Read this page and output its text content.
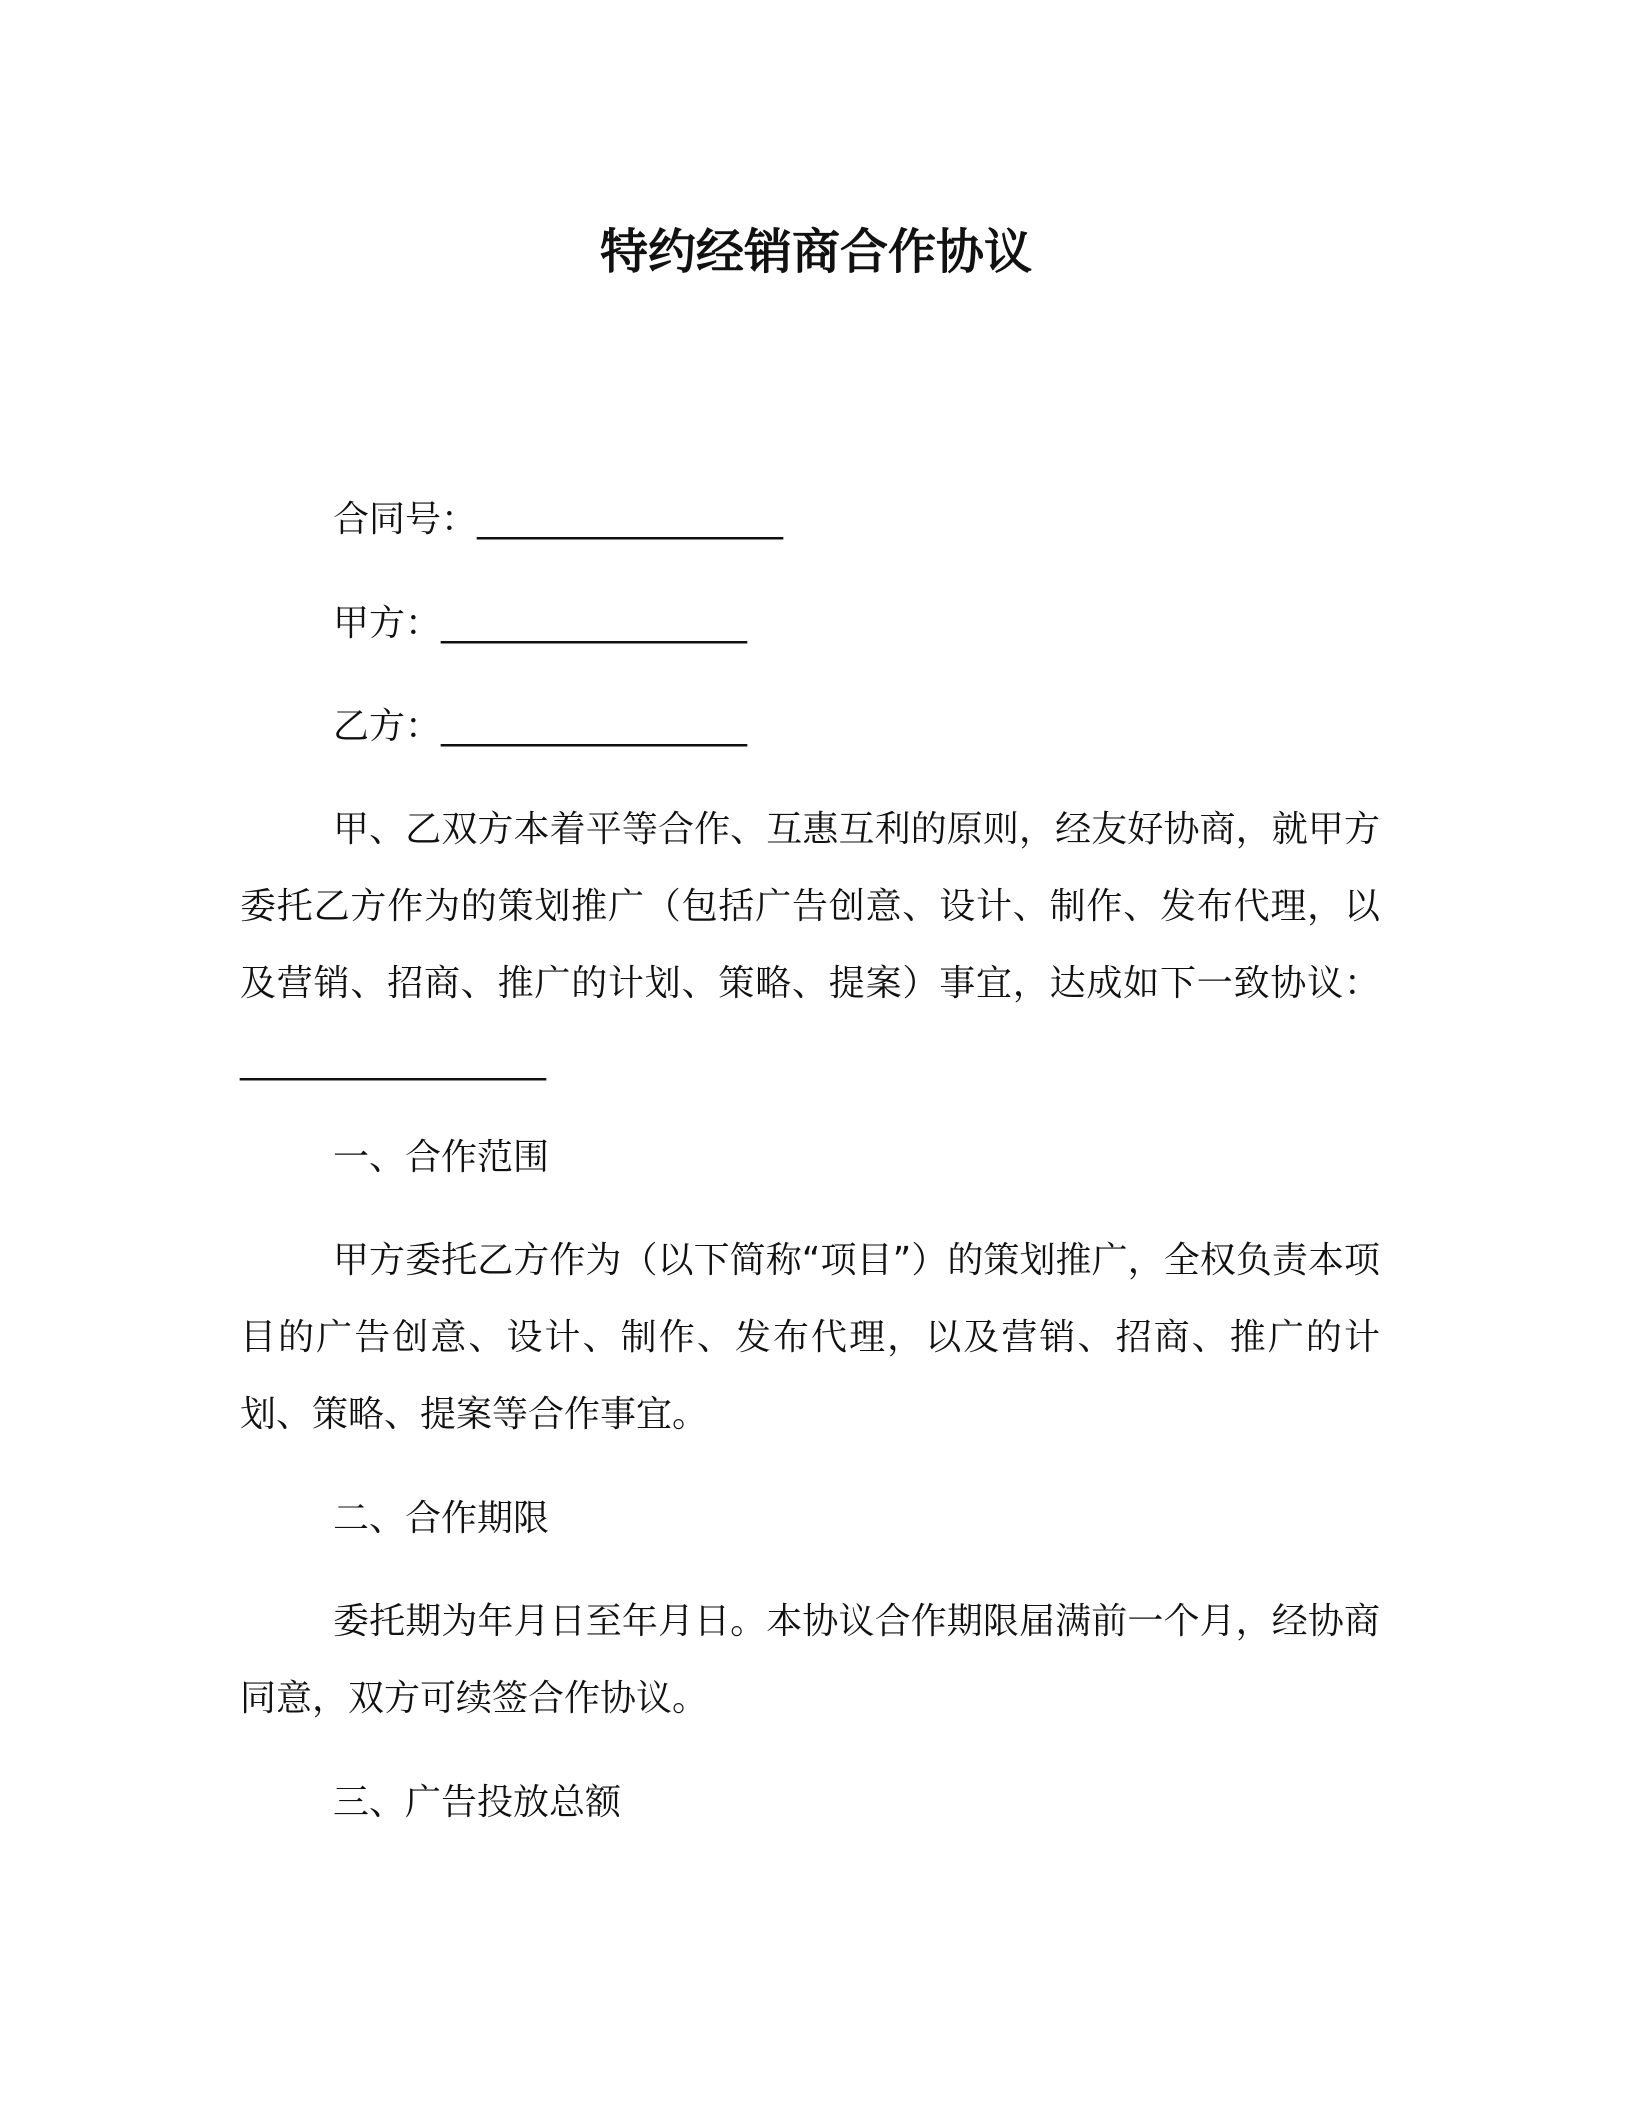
特约经销商合作协议
合同号：_________________
甲方：_________________
乙方：_________________
甲、乙双方本着平等合作、互惠互利的原则，经友好协商，就甲方委托乙方作为的策划推广（包括广告创意、设计、制作、发布代理，以及营销、招商、推广的计划、策略、提案）事宜，达成如下一致协议：_________________
一、合作范围
甲方委托乙方作为（以下简称“项目”）的策划推广，全权负责本项目的广告创意、设计、制作、发布代理，以及营销、招商、推广的计划、策略、提案等合作事宜。
二、合作期限
委托期为年月日至年月日。本协议合作期限届满前一个月，经协商同意，双方可续签合作协议。
三、广告投放总额
